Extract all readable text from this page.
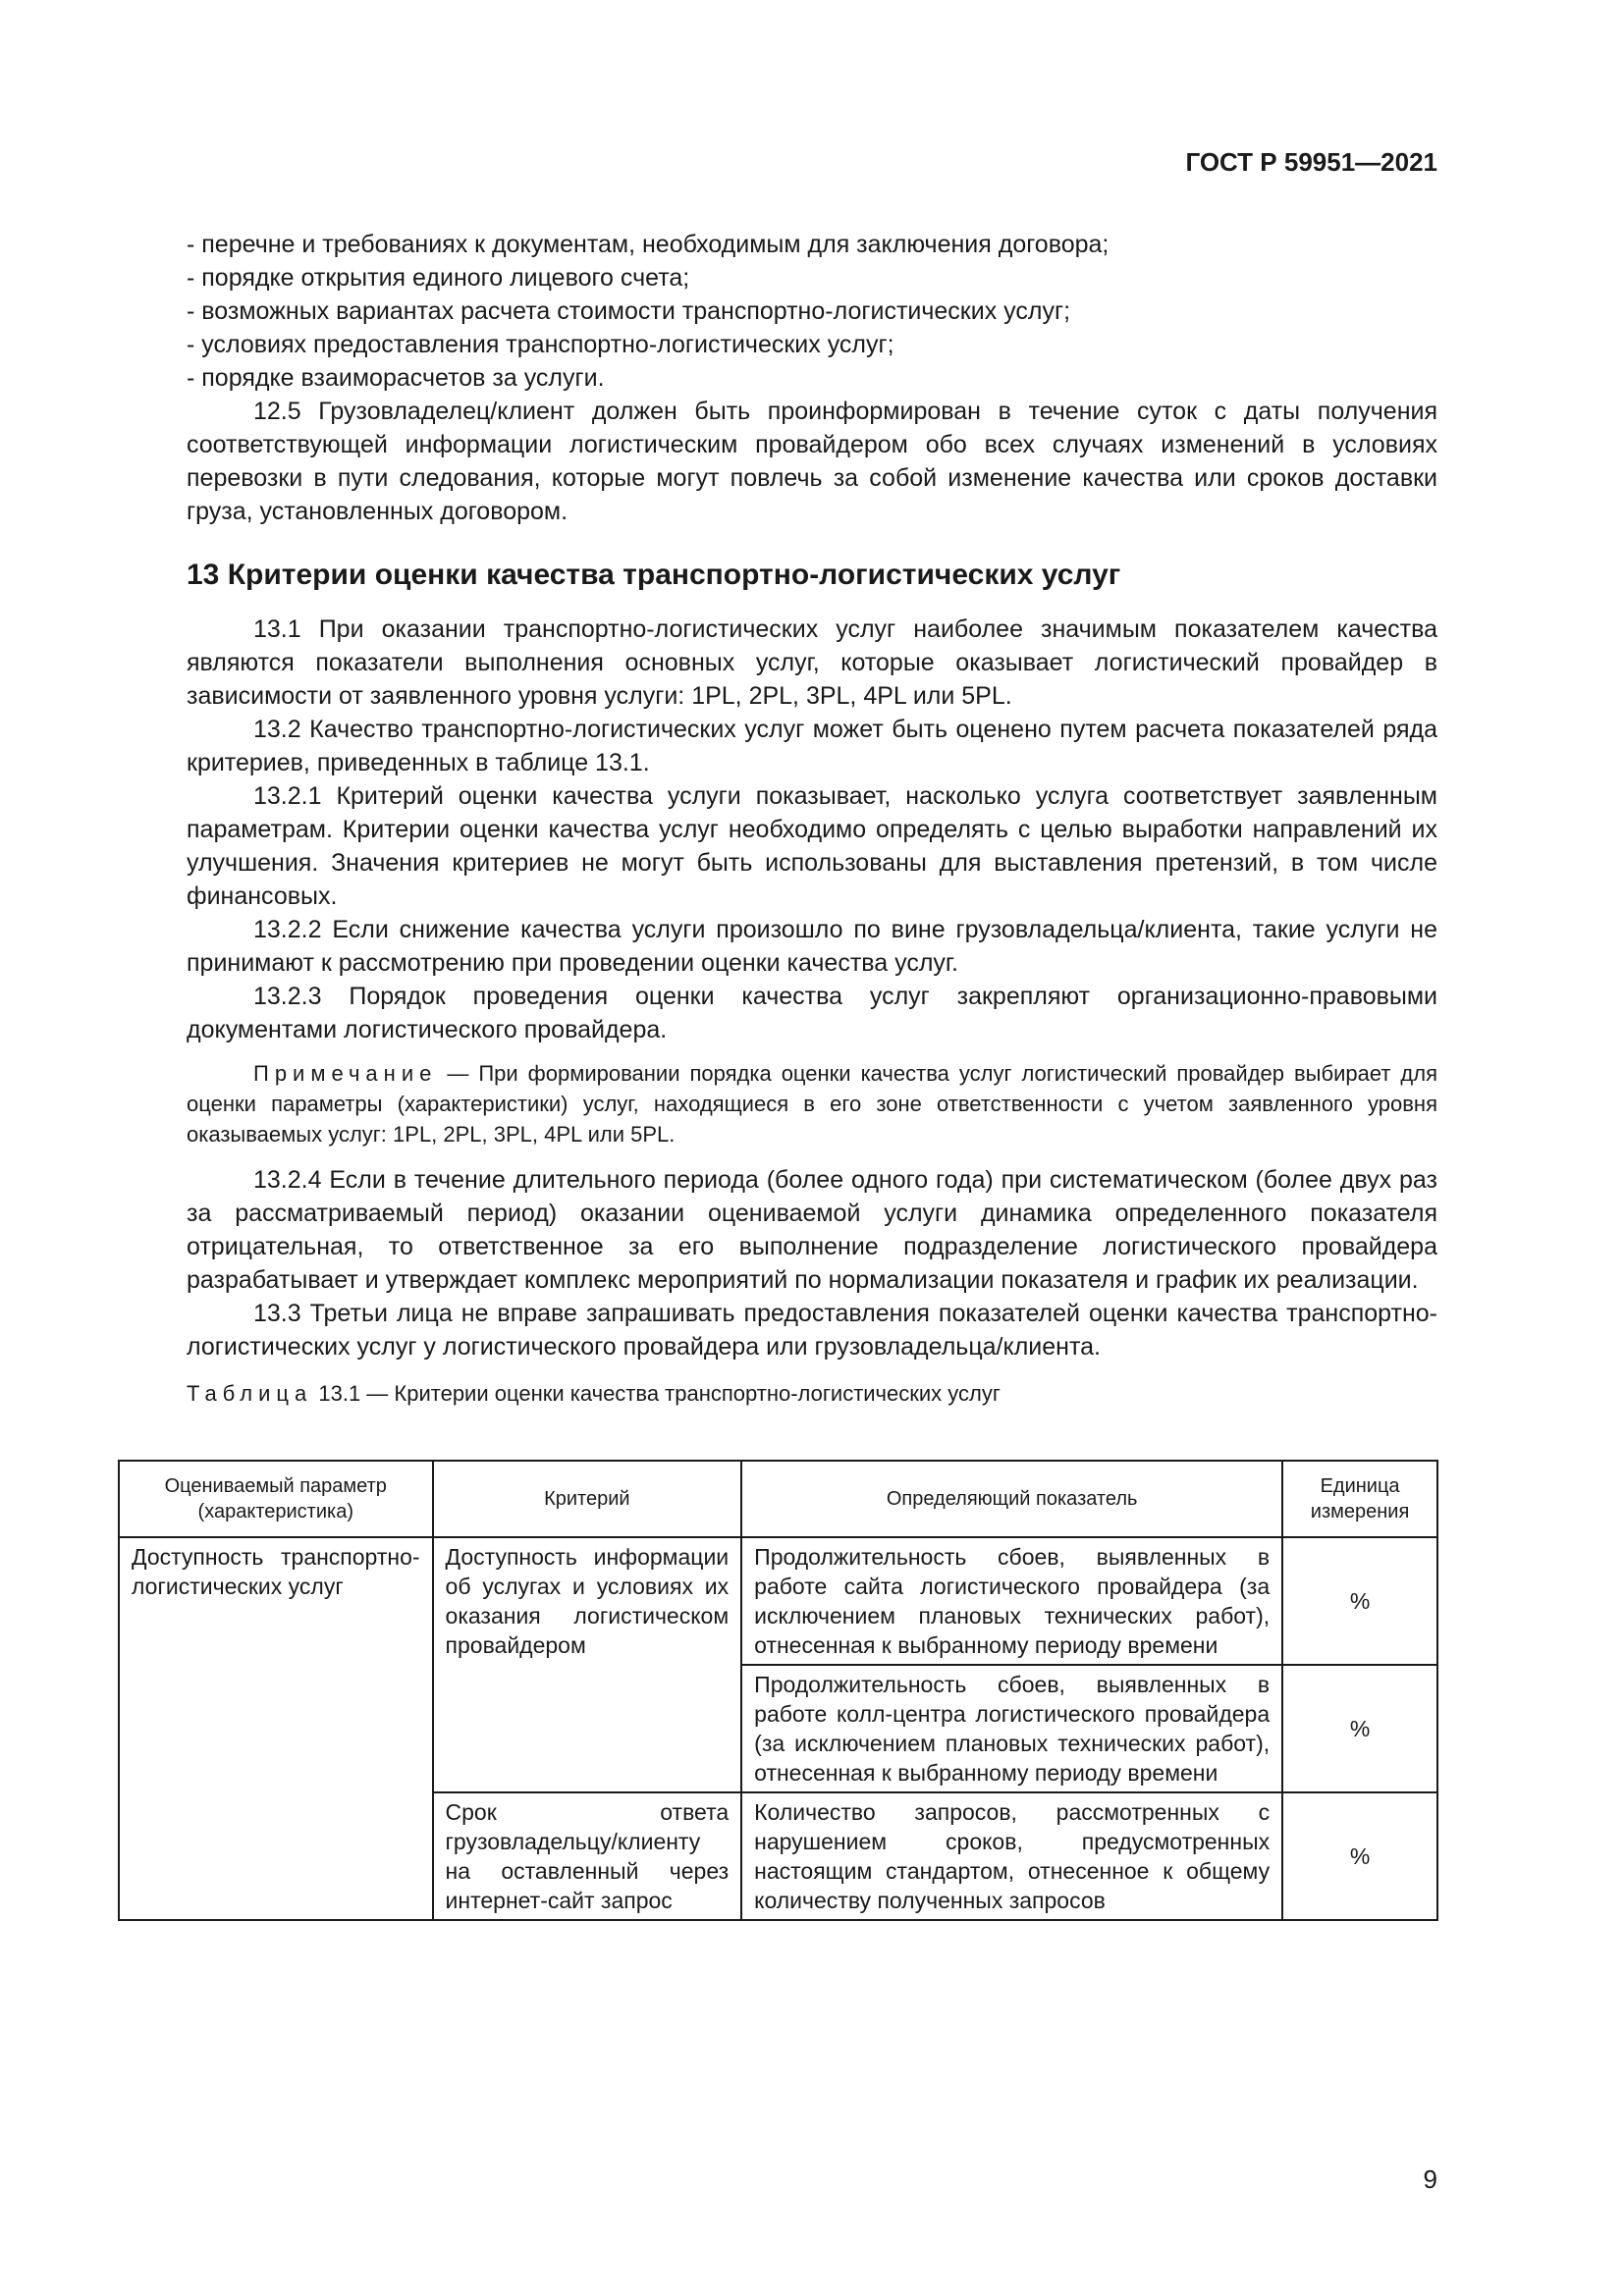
ГОСТ Р 59951—2021

- перечне и требованиях к документам, необходимым для заключения договора;

- порядке открытия единого лицевого счета;

- возможных вариантах расчета стоимости транспортно-логистических услуг;

- условиях предоставления транспортно-логистических услуг;

- порядке взаиморасчетов за услуги.

12.5 Грузовладелец/клиент должен быть проинформирован в течение суток с даты получения соответствующей информации логистическим провайдером обо всех случаях изменений в условиях перевозки в пути следования, которые могут повлечь за собой изменение качества или сроков доставки груза, установленных договором.

13 Критерии оценки качества транспортно-логистических услуг

13.1 При оказании транспортно-логистических услуг наиболее значимым показателем качества являются показатели выполнения основных услуг, которые оказывает логистический провайдер в зависимости от заявленного уровня услуги: 1PL, 2PL, 3PL, 4PL или 5PL.

13.2 Качество транспортно-логистических услуг может быть оценено путем расчета показателей ряда критериев, приведенных в таблице 13.1.

13.2.1 Критерий оценки качества услуги показывает, насколько услуга соответствует заявленным параметрам. Критерии оценки качества услуг необходимо определять с целью выработки направлений их улучшения. Значения критериев не могут быть использованы для выставления претензий, в том числе финансовых.

13.2.2 Если снижение качества услуги произошло по вине грузовладельца/клиента, такие услуги не принимают к рассмотрению при проведении оценки качества услуг.

13.2.3 Порядок проведения оценки качества услуг закрепляют организационно-правовыми документами логистического провайдера.

Примечание — При формировании порядка оценки качества услуг логистический провайдер выбирает для оценки параметры (характеристики) услуг, находящиеся в его зоне ответственности с учетом заявленного уровня оказываемых услуг: 1PL, 2PL, 3PL, 4PL или 5PL.

13.2.4 Если в течение длительного периода (более одного года) при систематическом (более двух раз за рассматриваемый период) оказании оцениваемой услуги динамика определенного показателя отрицательная, то ответственное за его выполнение подразделение логистического провайдера разрабатывает и утверждает комплекс мероприятий по нормализации показателя и график их реализации.

13.3 Третьи лица не вправе запрашивать предоставления показателей оценки качества транспортно-логистических услуг у логистического провайдера или грузовладельца/клиента.

Таблица 13.1 — Критерии оценки качества транспортно-логистических услуг

Оцениваемый параметр (характеристика)	Критерий	Определяющий показатель	Единица измерения
Доступность транспортно-логистических услуг	Доступность информации об услугах и условиях их оказания логистическом провайдером	Продолжительность сбоев, выявленных в работе сайта логистического провайдера (за исключением плановых технических работ), отнесенная к выбранному периоду времени	%
		Продолжительность сбоев, выявленных в работе колл-центра логистического провайдера (за исключением плановых технических работ), отнесенная к выбранному периоду времени	%
	Срок ответа грузовладельцу/клиенту на оставленный через интернет-сайт запрос	Количество запросов, рассмотренных с нарушением сроков, предусмотренных настоящим стандартом, отнесенное к общему количеству полученных запросов	%
9
